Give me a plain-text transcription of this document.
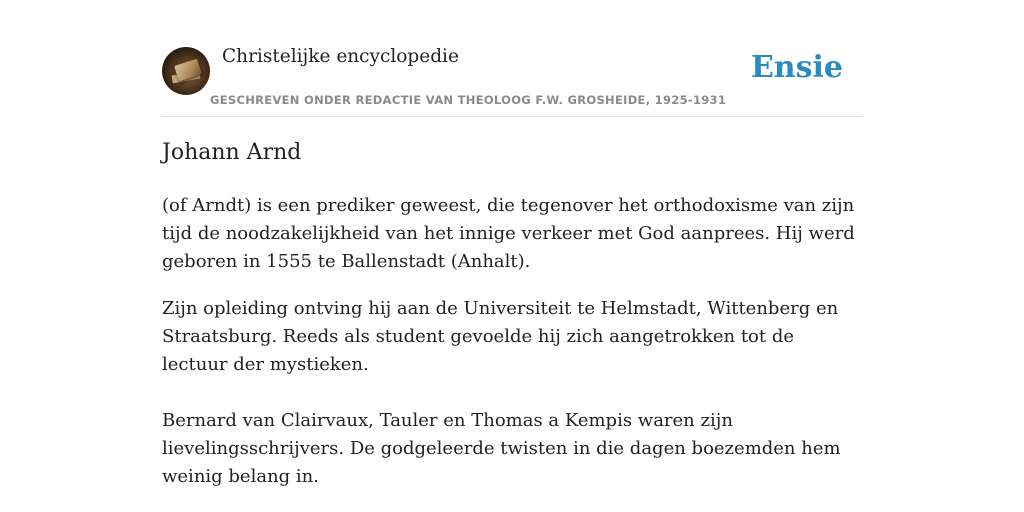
Christelijke encyclopedie
GESCHREVEN ONDER REDACTIE VAN THEOLOOG F.W. GROSHEIDE, 1925-1931
Ensie
Johann Arnd

(of Arndt) is een prediker geweest, die tegenover het orthodoxisme van zijn tijd de noodzakelijkheid van het innige verkeer met God aanprees. Hij werd geboren in 1555 te Ballenstadt (Anhalt).

Zijn opleiding ontving hij aan de Universiteit te Helmstadt, Wittenberg en Straatsburg. Reeds als student gevoelde hij zich aangetrokken tot de lectuur der mystieken.

Bernard van Clairvaux, Tauler en Thomas a Kempis waren zijn lievelingsschrijvers. De godgeleerde twisten in die dagen boezemden hem weinig belang in.
